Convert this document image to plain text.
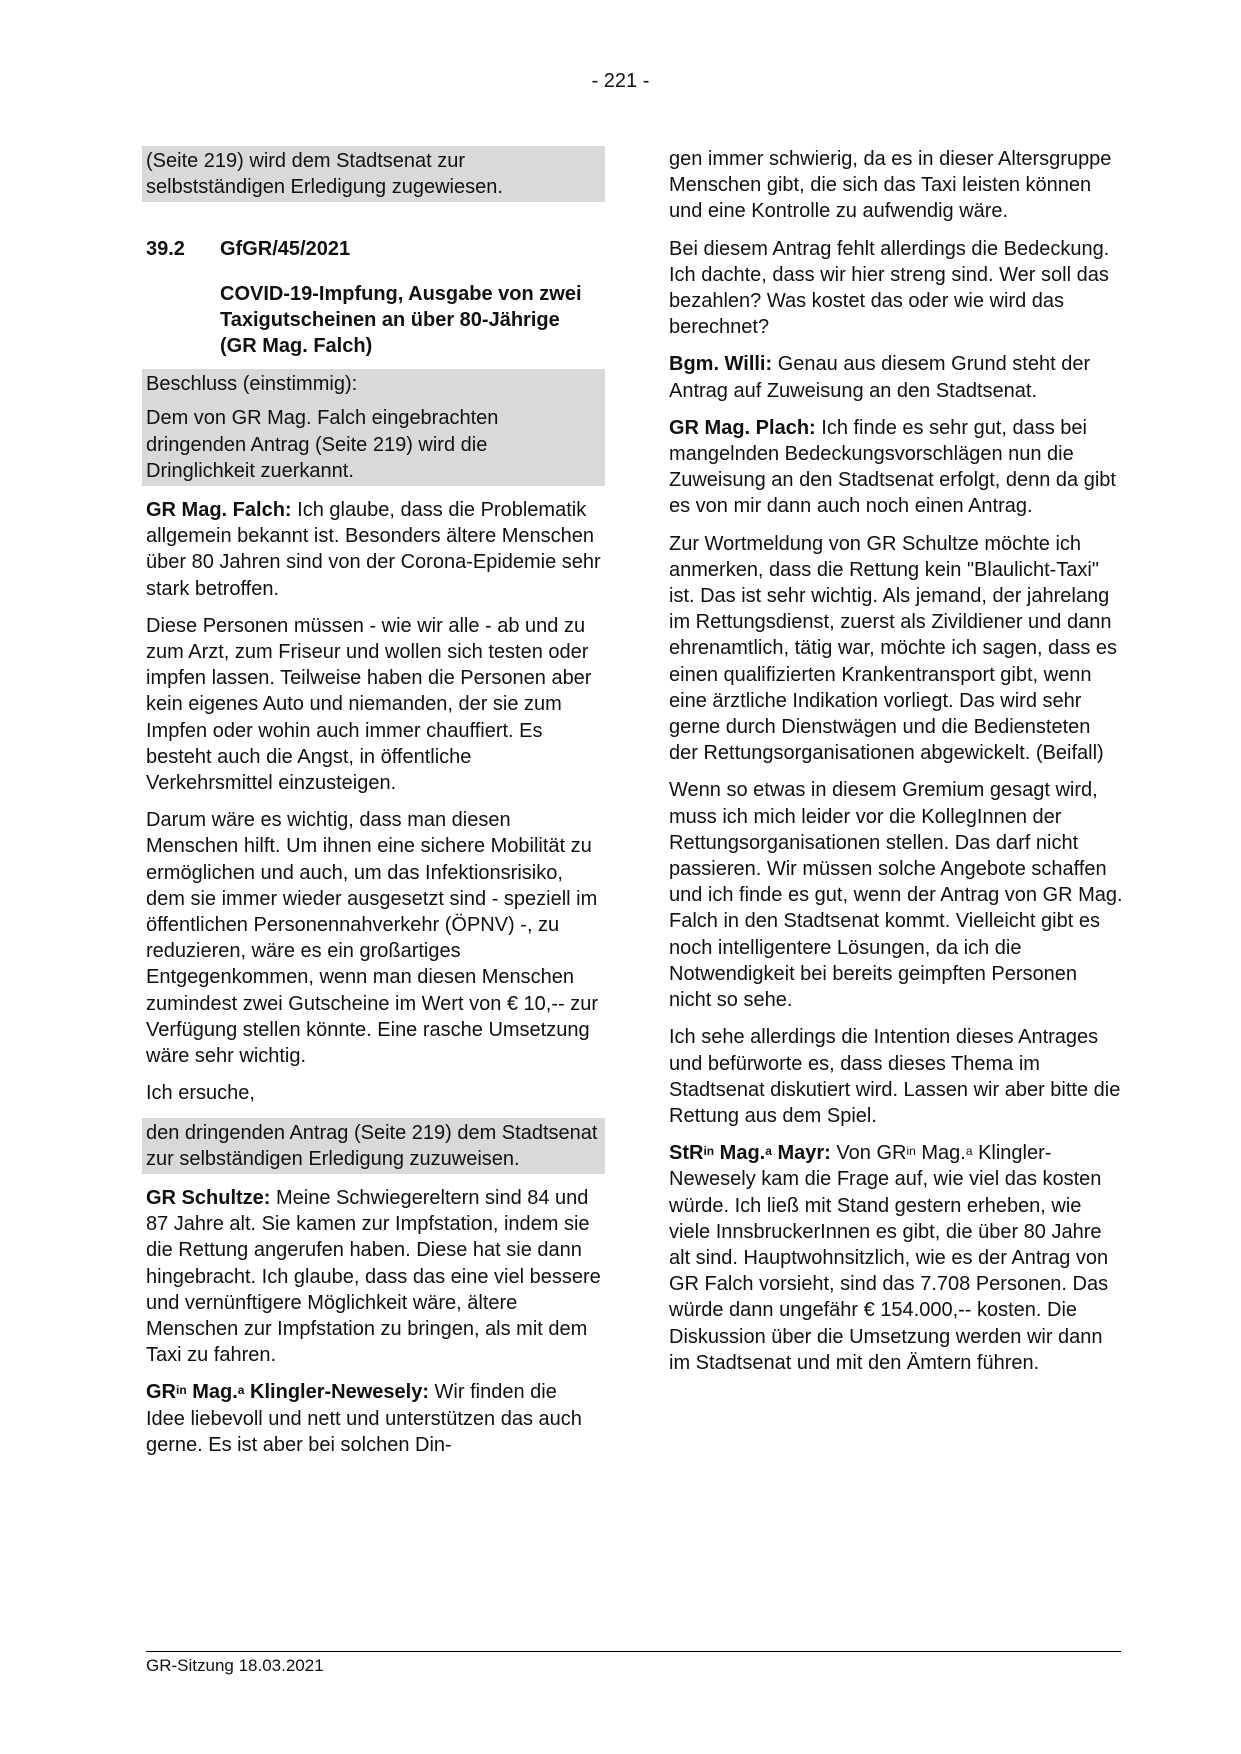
- 221 -

(Seite 219) wird dem Stadtsenat zur selbstständigen Erledigung zugewiesen.

39.2	GfGR/45/2021
COVID-19-Impfung, Ausgabe von zwei Taxigutscheinen an über 80-Jährige (GR Mag. Falch)

Beschluss (einstimmig):

Dem von GR Mag. Falch eingebrachten dringenden Antrag (Seite 219) wird die Dringlichkeit zuerkannt.

GR Mag. Falch: Ich glaube, dass die Problematik allgemein bekannt ist. Besonders ältere Menschen über 80 Jahren sind von der Corona-Epidemie sehr stark betroffen.

Diese Personen müssen - wie wir alle - ab und zu zum Arzt, zum Friseur und wollen sich testen oder impfen lassen. Teilweise haben die Personen aber kein eigenes Auto und niemanden, der sie zum Impfen oder wohin auch immer chauffiert. Es besteht auch die Angst, in öffentliche Verkehrsmittel einzusteigen.

Darum wäre es wichtig, dass man diesen Menschen hilft. Um ihnen eine sichere Mobilität zu ermöglichen und auch, um das Infektionsrisiko, dem sie immer wieder ausgesetzt sind - speziell im öffentlichen Personennahverkehr (ÖPNV) -, zu reduzieren, wäre es ein großartiges Entgegenkommen, wenn man diesen Menschen zumindest zwei Gutscheine im Wert von € 10,-- zur Verfügung stellen könnte. Eine rasche Umsetzung wäre sehr wichtig.

Ich ersuche,

den dringenden Antrag (Seite 219) dem Stadtsenat zur selbständigen Erledigung zuzuweisen.

GR Schultze: Meine Schwiegereltern sind 84 und 87 Jahre alt. Sie kamen zur Impfstation, indem sie die Rettung angerufen haben. Diese hat sie dann hingebracht. Ich glaube, dass das eine viel bessere und vernünftigere Möglichkeit wäre, ältere Menschen zur Impfstation zu bringen, als mit dem Taxi zu fahren.

$GR^{in}$ Mag.$^a$ Klingler-Newesely: Wir finden die Idee liebevoll und nett und unterstützen das auch gerne. Es ist aber bei solchen Din-

gen immer schwierig, da es in dieser Altersgruppe Menschen gibt, die sich das Taxi leisten können und eine Kontrolle zu aufwendig wäre.

Bei diesem Antrag fehlt allerdings die Bedeckung. Ich dachte, dass wir hier streng sind. Wer soll das bezahlen? Was kostet das oder wie wird das berechnet?

Bgm. Willi: Genau aus diesem Grund steht der Antrag auf Zuweisung an den Stadtsenat.

GR Mag. Plach: Ich finde es sehr gut, dass bei mangelnden Bedeckungsvorschlägen nun die Zuweisung an den Stadtsenat erfolgt, denn da gibt es von mir dann auch noch einen Antrag.

Zur Wortmeldung von GR Schultze möchte ich anmerken, dass die Rettung kein "Blaulicht-Taxi" ist. Das ist sehr wichtig. Als jemand, der jahrelang im Rettungsdienst, zuerst als Zivildiener und dann ehrenamtlich, tätig war, möchte ich sagen, dass es einen qualifizierten Krankentransport gibt, wenn eine ärztliche Indikation vorliegt. Das wird sehr gerne durch Dienstwägen und die Bediensteten der Rettungsorganisationen abgewickelt. (Beifall)

Wenn so etwas in diesem Gremium gesagt wird, muss ich mich leider vor die KollegInnen der Rettungsorganisationen stellen. Das darf nicht passieren. Wir müssen solche Angebote schaffen und ich finde es gut, wenn der Antrag von GR Mag. Falch in den Stadtsenat kommt. Vielleicht gibt es noch intelligentere Lösungen, da ich die Notwendigkeit bei bereits geimpften Personen nicht so sehe.

Ich sehe allerdings die Intention dieses Antrages und befürworte es, dass dieses Thema im Stadtsenat diskutiert wird. Lassen wir aber bitte die Rettung aus dem Spiel.

StR$^{in}$ Mag.$^a$ Mayr: Von $GR^{in}$ Mag.$^a$ Klingler-Newesely kam die Frage auf, wie viel das kosten würde. Ich ließ mit Stand gestern erheben, wie viele InnsbruckerInnen es gibt, die über 80 Jahre alt sind. Hauptwohnsitzlich, wie es der Antrag von GR Falch vorsieht, sind das 7.708 Personen. Das würde dann ungefähr € 154.000,-- kosten. Die Diskussion über die Umsetzung werden wir dann im Stadtsenat und mit den Ämtern führen.

GR-Sitzung 18.03.2021
